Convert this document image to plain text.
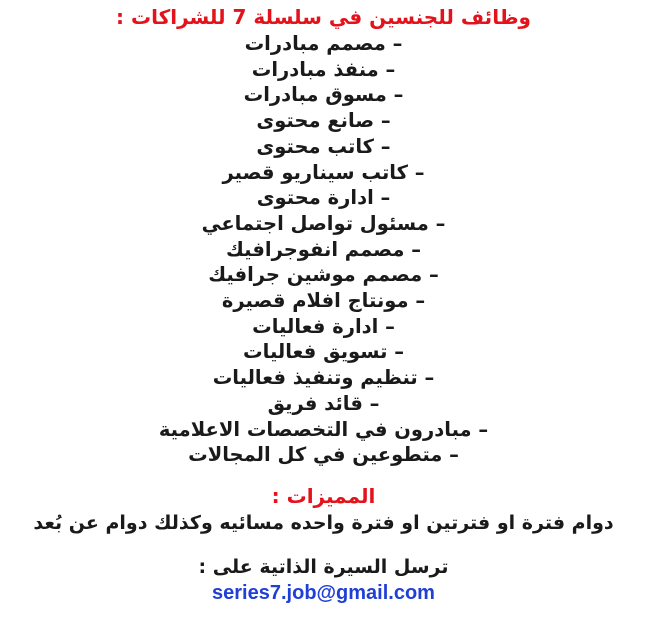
وظائف للجنسين في سلسلة 7 للشراكات :

– مصمم مبادرات
– منفذ مبادرات
– مسوق مبادرات
– صانع محتوى
– كاتب محتوى
– كاتب سيناريو قصير
– ادارة محتوى
– مسئول تواصل اجتماعي
– مصمم انفوجرافيك
– مصمم موشين جرافيك
– مونتاج افلام قصيرة
– ادارة فعاليات
– تسويق فعاليات
– تنظيم وتنفيذ فعاليات
– قائد فريق
– مبادرون في التخصصات الاعلامية
– متطوعين في كل المجالات

المميزات :

دوام فترة او فترتين او فترة واحده مسائيه وكذلك دوام عن بُعد

ترسل السيرة الذاتية على :

series7.job@gmail.com
